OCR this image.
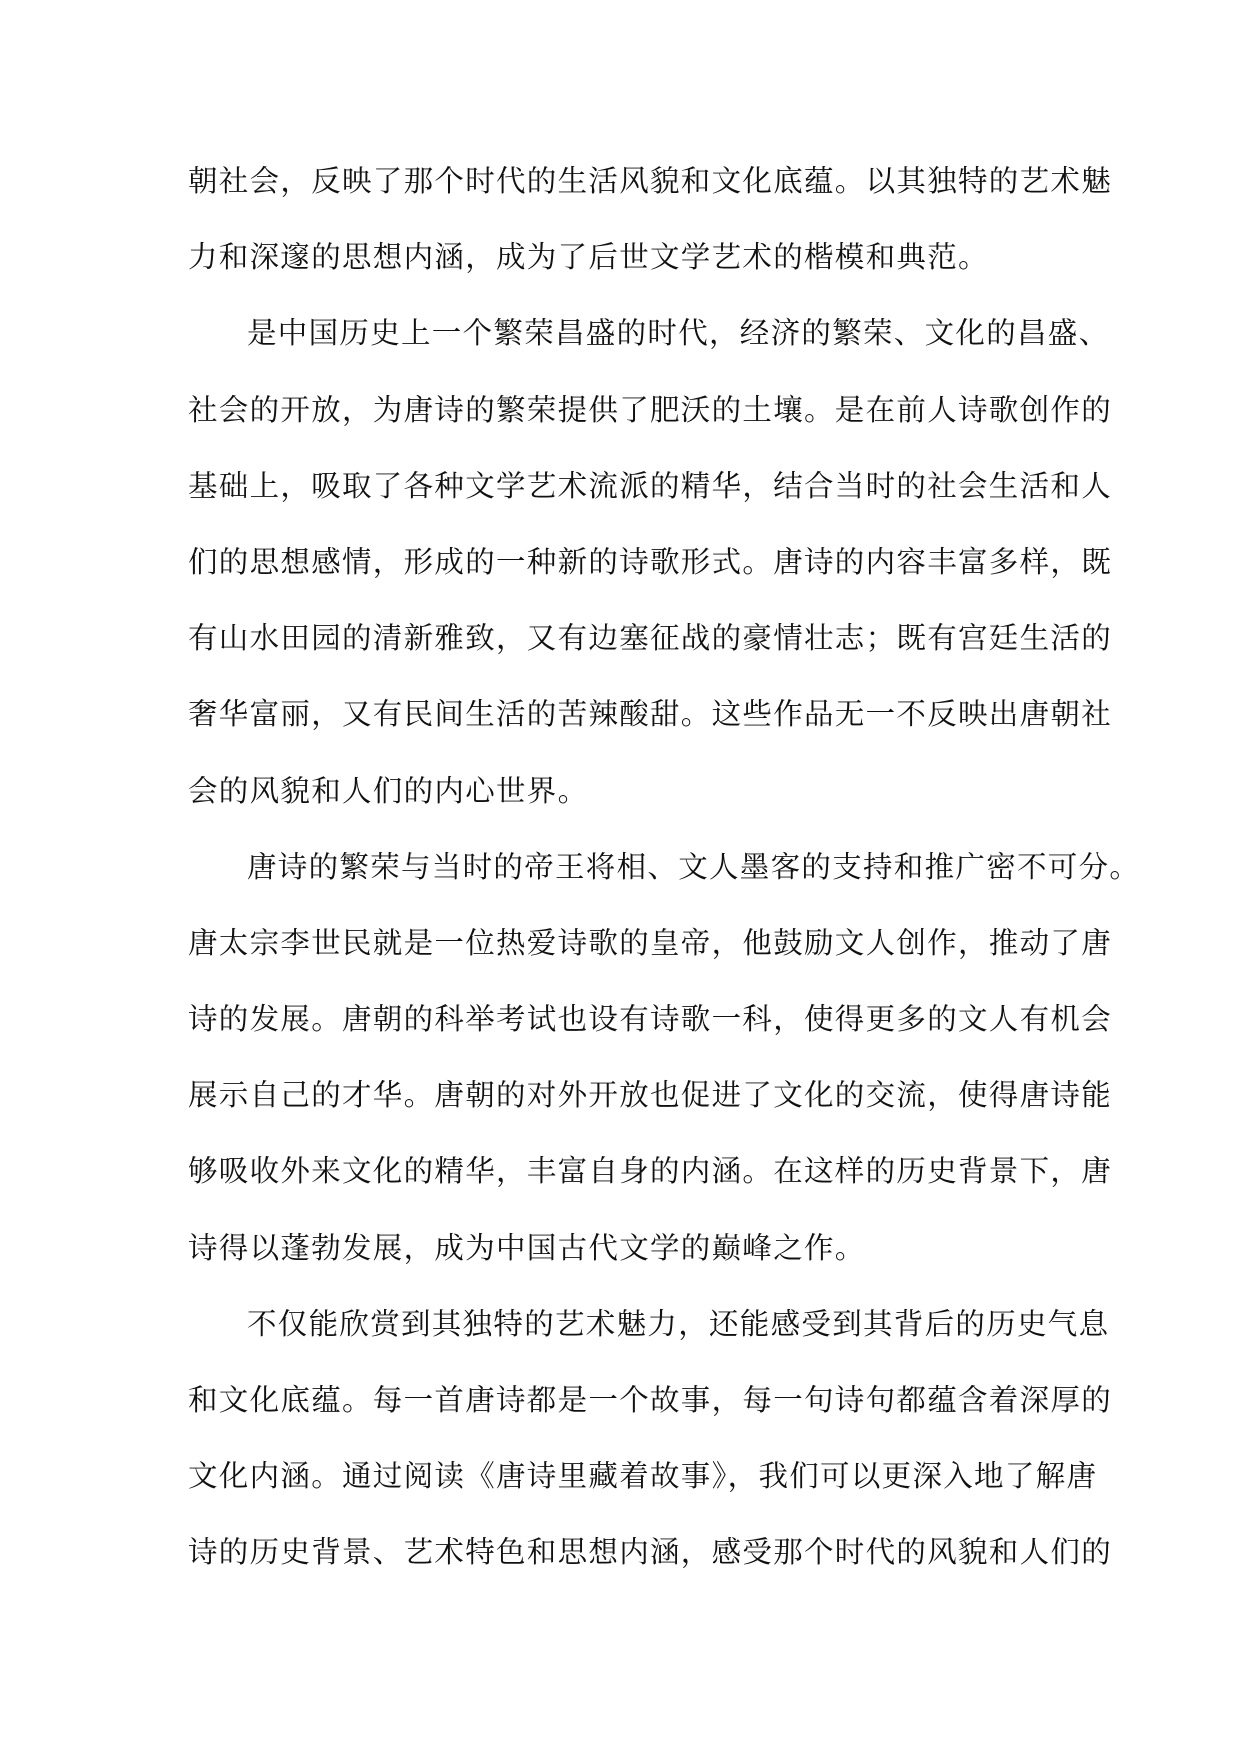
朝社会，反映了那个时代的生活风貌和文化底蕴。以其独特的艺术魅
力和深邃的思想内涵，成为了后世文学艺术的楷模和典范。
是中国历史上一个繁荣昌盛的时代，经济的繁荣、文化的昌盛、
社会的开放，为唐诗的繁荣提供了肥沃的土壤。是在前人诗歌创作的
基础上，吸取了各种文学艺术流派的精华，结合当时的社会生活和人
们的思想感情，形成的一种新的诗歌形式。唐诗的内容丰富多样，既
有山水田园的清新雅致，又有边塞征战的豪情壮志；既有宫廷生活的
奢华富丽，又有民间生活的苦辣酸甜。这些作品无一不反映出唐朝社
会的风貌和人们的内心世界。
唐诗的繁荣与当时的帝王将相、文人墨客的支持和推广密不可分。
唐太宗李世民就是一位热爱诗歌的皇帝，他鼓励文人创作，推动了唐
诗的发展。唐朝的科举考试也设有诗歌一科，使得更多的文人有机会
展示自己的才华。唐朝的对外开放也促进了文化的交流，使得唐诗能
够吸收外来文化的精华，丰富自身的内涵。在这样的历史背景下，唐
诗得以蓬勃发展，成为中国古代文学的巅峰之作。
不仅能欣赏到其独特的艺术魅力，还能感受到其背后的历史气息
和文化底蕴。每一首唐诗都是一个故事，每一句诗句都蕴含着深厚的
文化内涵。通过阅读《唐诗里藏着故事》，我们可以更深入地了解唐
诗的历史背景、艺术特色和思想内涵，感受那个时代的风貌和人们的
